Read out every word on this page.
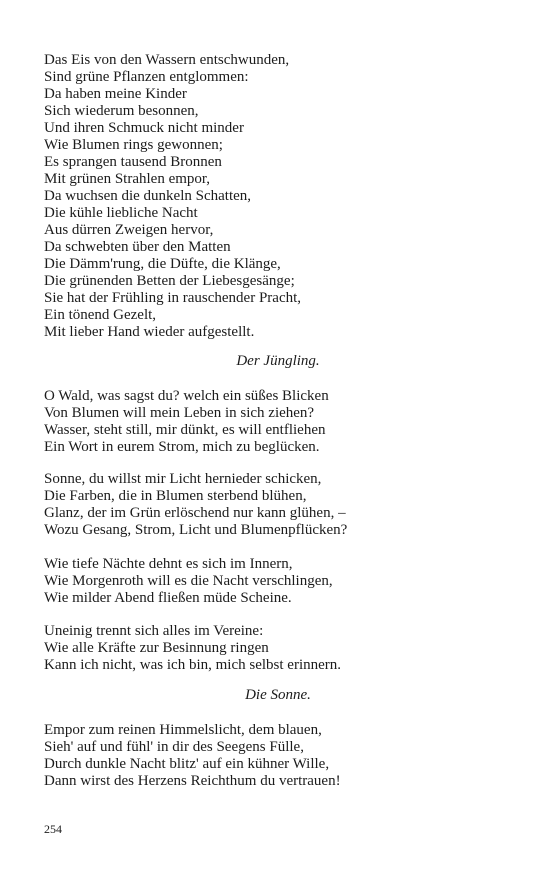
Das Eis von den Wassern entschwunden,
Sind grüne Pflanzen entglommen:
Da haben meine Kinder
Sich wiederum besonnen,
Und ihren Schmuck nicht minder
Wie Blumen rings gewonnen;
Es sprangen tausend Bronnen
Mit grünen Strahlen empor,
Da wuchsen die dunkeln Schatten,
Die kühle liebliche Nacht
Aus dürren Zweigen hervor,
Da schwebten über den Matten
Die Dämm'rung, die Düfte, die Klänge,
Die grünenden Betten der Liebesgesänge;
Sie hat der Frühling in rauschender Pracht,
Ein tönend Gezelt,
Mit lieber Hand wieder aufgestellt.
Der Jüngling.
O Wald, was sagst du? welch ein süßes Blicken
Von Blumen will mein Leben in sich ziehen?
Wasser, steht still, mir dünkt, es will entfliehen
Ein Wort in eurem Strom, mich zu beglücken.
Sonne, du willst mir Licht hernieder schicken,
Die Farben, die in Blumen sterbend blühen,
Glanz, der im Grün erlöschend nur kann glühen, –
Wozu Gesang, Strom, Licht und Blumenpflücken?
Wie tiefe Nächte dehnt es sich im Innern,
Wie Morgenroth will es die Nacht verschlingen,
Wie milder Abend fließen müde Scheine.
Uneinig trennt sich alles im Vereine:
Wie alle Kräfte zur Besinnung ringen
Kann ich nicht, was ich bin, mich selbst erinnern.
Die Sonne.
Empor zum reinen Himmelslicht, dem blauen,
Sieh' auf und fühl' in dir des Seegens Fülle,
Durch dunkle Nacht blitz' auf ein kühner Wille,
Dann wirst des Herzens Reichthum du vertrauen!
254
